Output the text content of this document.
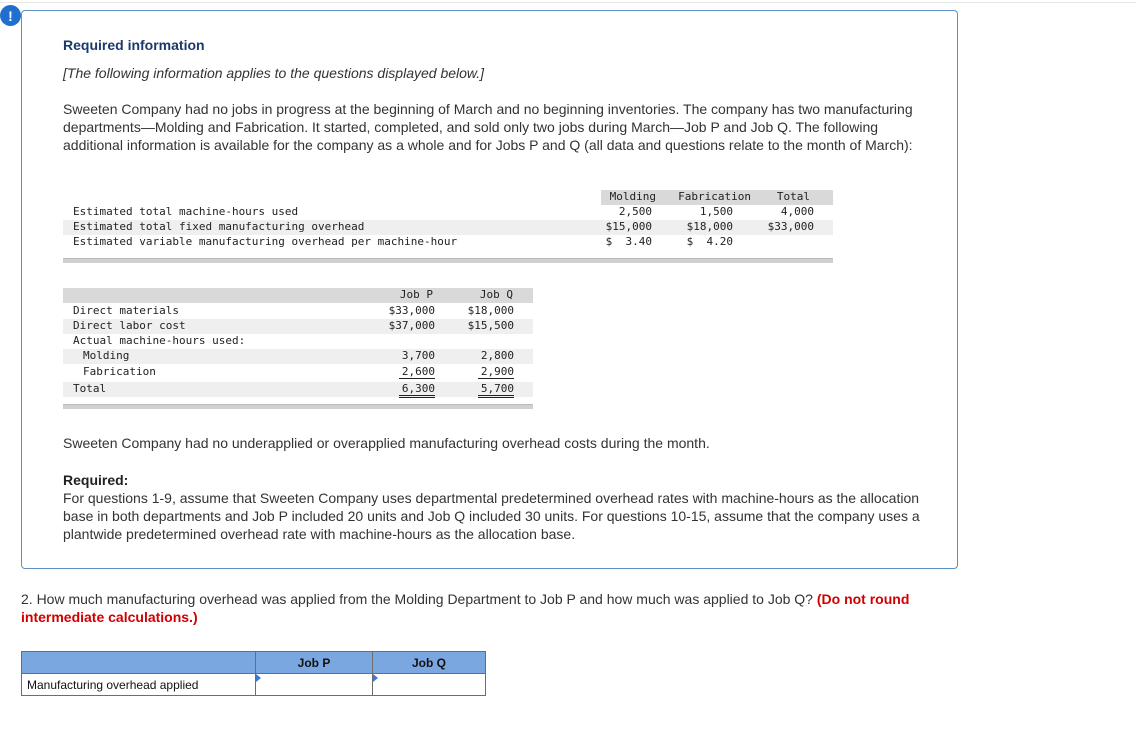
!
Required information
[The following information applies to the questions displayed below.]
Sweeten Company had no jobs in progress at the beginning of March and no beginning inventories. The company has two manufacturing departments—Molding and Fabrication. It started, completed, and sold only two jobs during March—Job P and Job Q. The following additional information is available for the company as a whole and for Jobs P and Q (all data and questions relate to the month of March):
Molding	Fabrication	Total
Estimated total machine-hours used	2,500	1,500	4,000
Estimated total fixed manufacturing overhead	$15,000	$18,000	$33,000
Estimated variable manufacturing overhead per machine-hour	$  3.40	$  4.20
Job P	Job Q
Direct materials	$33,000	$18,000
Direct labor cost	$37,000	$15,500
Actual machine-hours used:
Molding	3,700	2,800
Fabrication	2,600	2,900
Total	6,300	5,700
Sweeten Company had no underapplied or overapplied manufacturing overhead costs during the month.
Required:
For questions 1-9, assume that Sweeten Company uses departmental predetermined overhead rates with machine-hours as the allocation base in both departments and Job P included 20 units and Job Q included 30 units. For questions 10-15, assume that the company uses a plantwide predetermined overhead rate with machine-hours as the allocation base.
2. How much manufacturing overhead was applied from the Molding Department to Job P and how much was applied to Job Q? (Do not round intermediate calculations.)
	Job P	Job Q
Manufacturing overhead applied	
